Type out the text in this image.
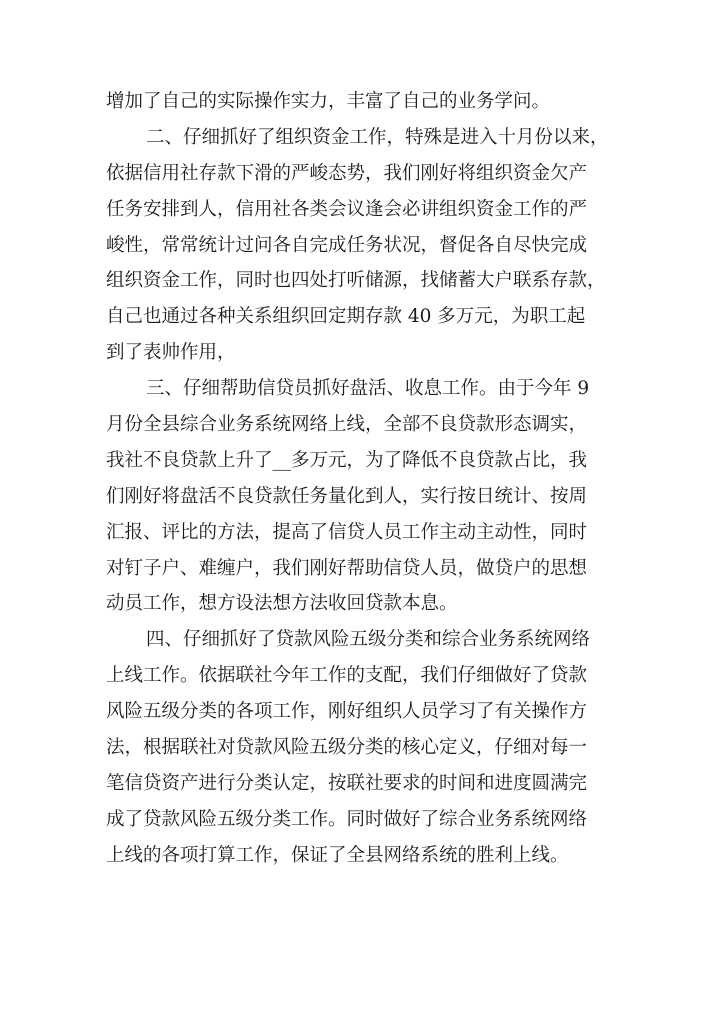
增加了自己的实际操作实力，丰富了自己的业务学问。
二、仔细抓好了组织资金工作，特殊是进入十月份以来，
依据信用社存款下滑的严峻态势，我们刚好将组织资金欠产
任务安排到人，信用社各类会议逢会必讲组织资金工作的严
峻性，常常统计过问各自完成任务状况，督促各自尽快完成
组织资金工作，同时也四处打听储源，找储蓄大户联系存款，
自己也通过各种关系组织回定期存款 40 多万元，为职工起
到了表帅作用，
三、仔细帮助信贷员抓好盘活、收息工作。由于今年 9
月份全县综合业务系统网络上线，全部不良贷款形态调实，
我社不良贷款上升了__多万元，为了降低不良贷款占比，我
们刚好将盘活不良贷款任务量化到人，实行按日统计、按周
汇报、评比的方法，提高了信贷人员工作主动主动性，同时
对钉子户、难缠户，我们刚好帮助信贷人员，做贷户的思想
动员工作，想方设法想方法收回贷款本息。
四、仔细抓好了贷款风险五级分类和综合业务系统网络
上线工作。依据联社今年工作的支配，我们仔细做好了贷款
风险五级分类的各项工作，刚好组织人员学习了有关操作方
法，根据联社对贷款风险五级分类的核心定义，仔细对每一
笔信贷资产进行分类认定，按联社要求的时间和进度圆满完
成了贷款风险五级分类工作。同时做好了综合业务系统网络
上线的各项打算工作，保证了全县网络系统的胜利上线。
